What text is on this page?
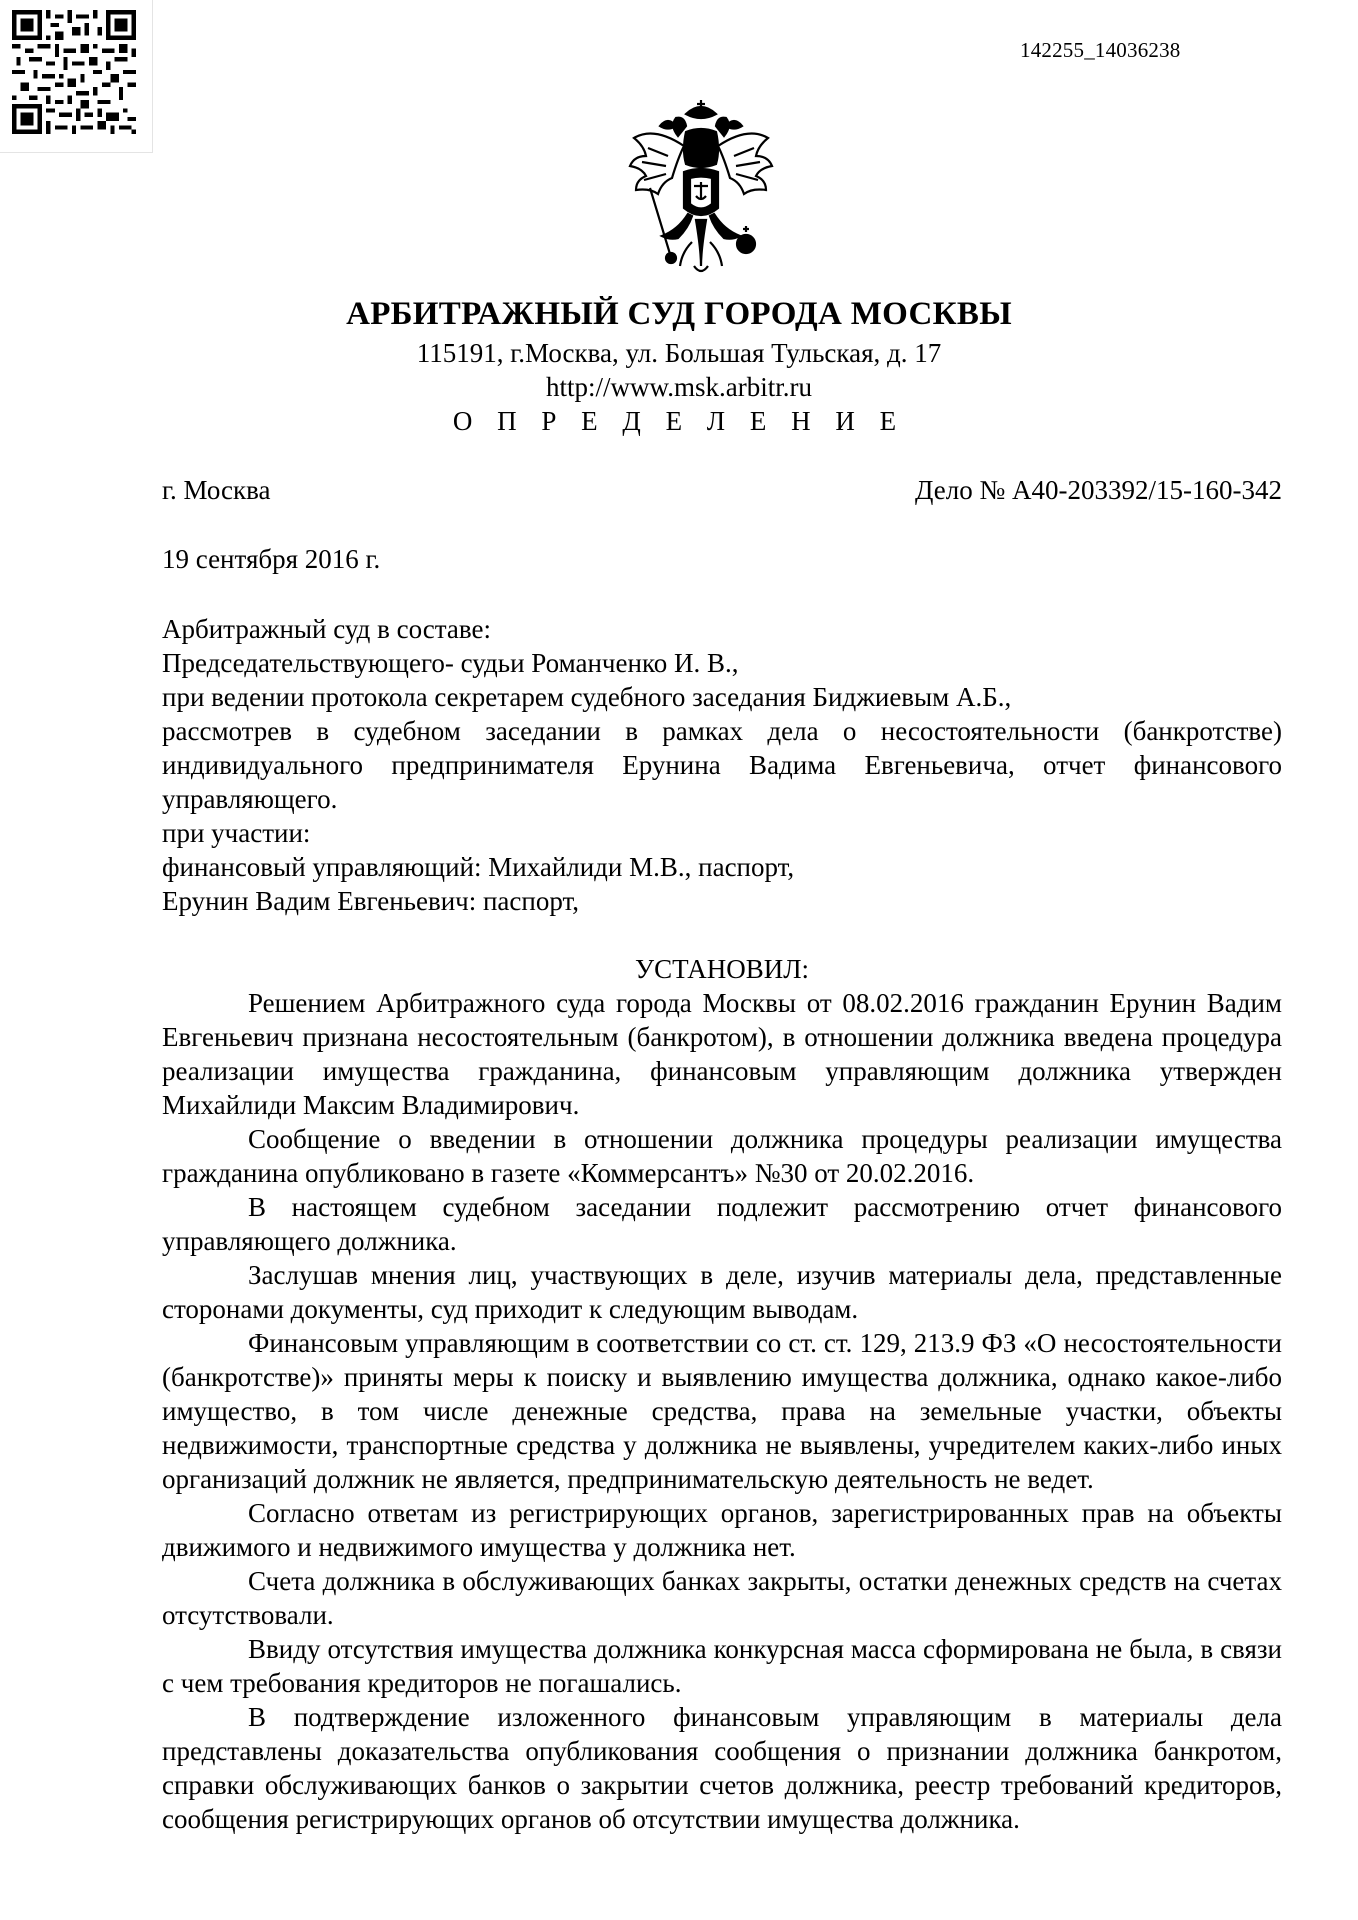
142255_14036238
АРБИТРАЖНЫЙ СУД ГОРОДА МОСКВЫ
115191, г.Москва, ул. Большая Тульская, д. 17
http://www.msk.arbitr.ru
О П Р Е Д Е Л Е Н И Е
г. Москва	Дело № А40-203392/15-160-342
19 сентября 2016 г.

Арбитражный суд в составе:

Председательствующего- судьи Романченко И. В.,

при ведении протокола секретарем судебного заседания Биджиевым А.Б.,

рассмотрев в судебном заседании в рамках дела о несостоятельности (банкротстве) индивидуального предпринимателя Ерунина Вадима Евгеньевича, отчет финансового управляющего.

при участии:

финансовый управляющий: Михайлиди М.В., паспорт,

Ерунин Вадим Евгеньевич: паспорт,

УСТАНОВИЛ:

Решением Арбитражного суда города Москвы от 08.02.2016 гражданин Ерунин Вадим Евгеньевич признана несостоятельным (банкротом), в отношении должника введена процедура реализации имущества гражданина, финансовым управляющим должника утвержден Михайлиди Максим Владимирович.

Сообщение о введении в отношении должника процедуры реализации имущества гражданина опубликовано в газете «Коммерсантъ» №30 от 20.02.2016.

В настоящем судебном заседании подлежит рассмотрению отчет финансового управляющего должника.

Заслушав мнения лиц, участвующих в деле, изучив материалы дела, представленные сторонами документы, суд приходит к следующим выводам.

Финансовым управляющим в соответствии со ст. ст. 129, 213.9 ФЗ «О несостоятельности (банкротстве)» приняты меры к поиску и выявлению имущества должника, однако какое-либо имущество, в том числе денежные средства, права на земельные участки, объекты недвижимости, транспортные средства у должника не выявлены, учредителем каких-либо иных организаций должник не является, предпринимательскую деятельность не ведет.

Согласно ответам из регистрирующих органов, зарегистрированных прав на объекты движимого и недвижимого имущества у должника нет.

Счета должника в обслуживающих банках закрыты, остатки денежных средств на счетах отсутствовали.

Ввиду отсутствия имущества должника конкурсная масса сформирована не была, в связи с чем требования кредиторов не погашались.

В подтверждение изложенного финансовым управляющим в материалы дела представлены доказательства опубликования сообщения о признании должника банкротом, справки обслуживающих банков о закрытии счетов должника, реестр требований кредиторов, сообщения регистрирующих органов об отсутствии имущества должника.
